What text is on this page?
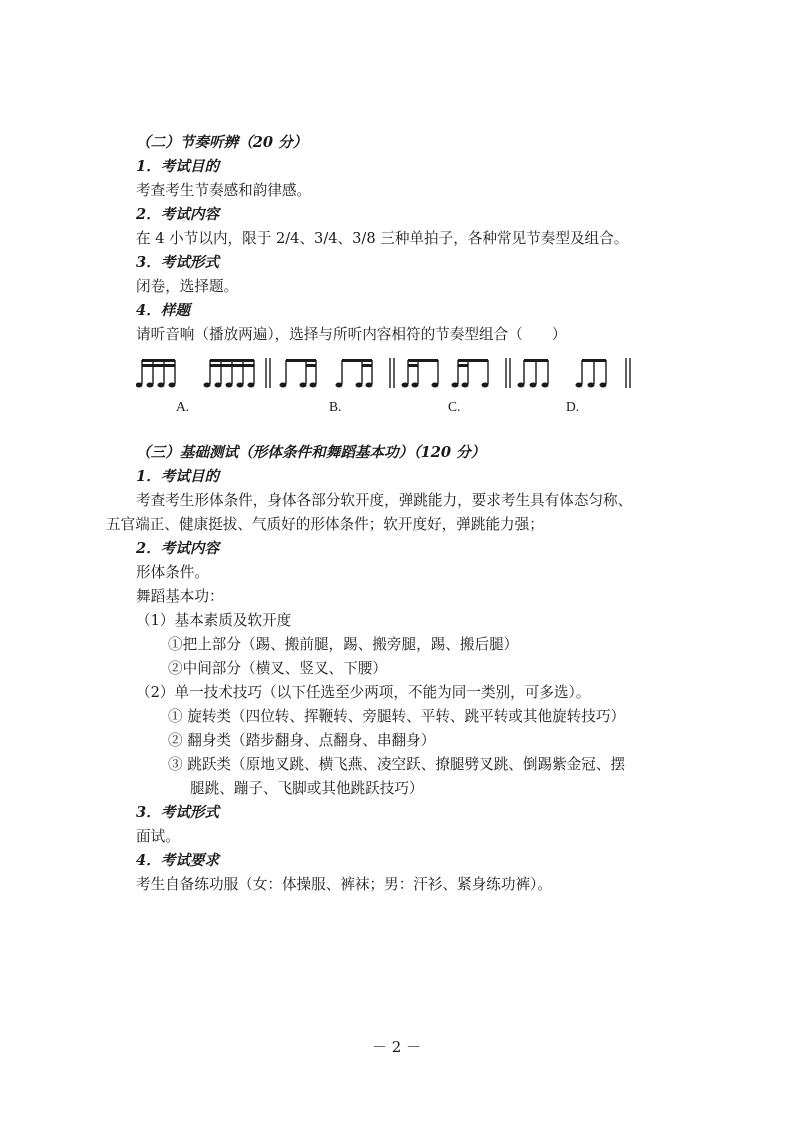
（二）节奏听辨（20 分）
1．考试目的
考查考生节奏感和韵律感。
2．考试内容
在 4 小节以内，限于 2/4、3/4、3/8 三种单拍子，各种常见节奏型及组合。
3．考试形式
闭卷，选择题。
4．样题
请听音响（播放两遍），选择与所听内容相符的节奏型组合（　　）
A.	B.	C.	D.
（三）基础测试（形体条件和舞蹈基本功）（120 分）
1．考试目的
考查考生形体条件，身体各部分软开度，弹跳能力，要求考生具有体态匀称、
五官端正、健康挺拔、气质好的形体条件；软开度好，弹跳能力强；
2．考试内容
形体条件。
舞蹈基本功：
（1）基本素质及软开度
①把上部分（踢、搬前腿，踢、搬旁腿，踢、搬后腿）
②中间部分（横叉、竖叉、下腰）
（2）单一技术技巧（以下任选至少两项，不能为同一类别，可多选）。
① 旋转类（四位转、挥鞭转、旁腿转、平转、跳平转或其他旋转技巧）
② 翻身类（踏步翻身、点翻身、串翻身）
③ 跳跃类（原地叉跳、横飞燕、凌空跃、撩腿劈叉跳、倒踢紫金冠、摆
腿跳、蹦子、飞脚或其他跳跃技巧）
3．考试形式
面试。
4．考试要求
考生自备练功服（女：体操服、裤袜；男：汗衫、紧身练功裤）。
－ 2 －
